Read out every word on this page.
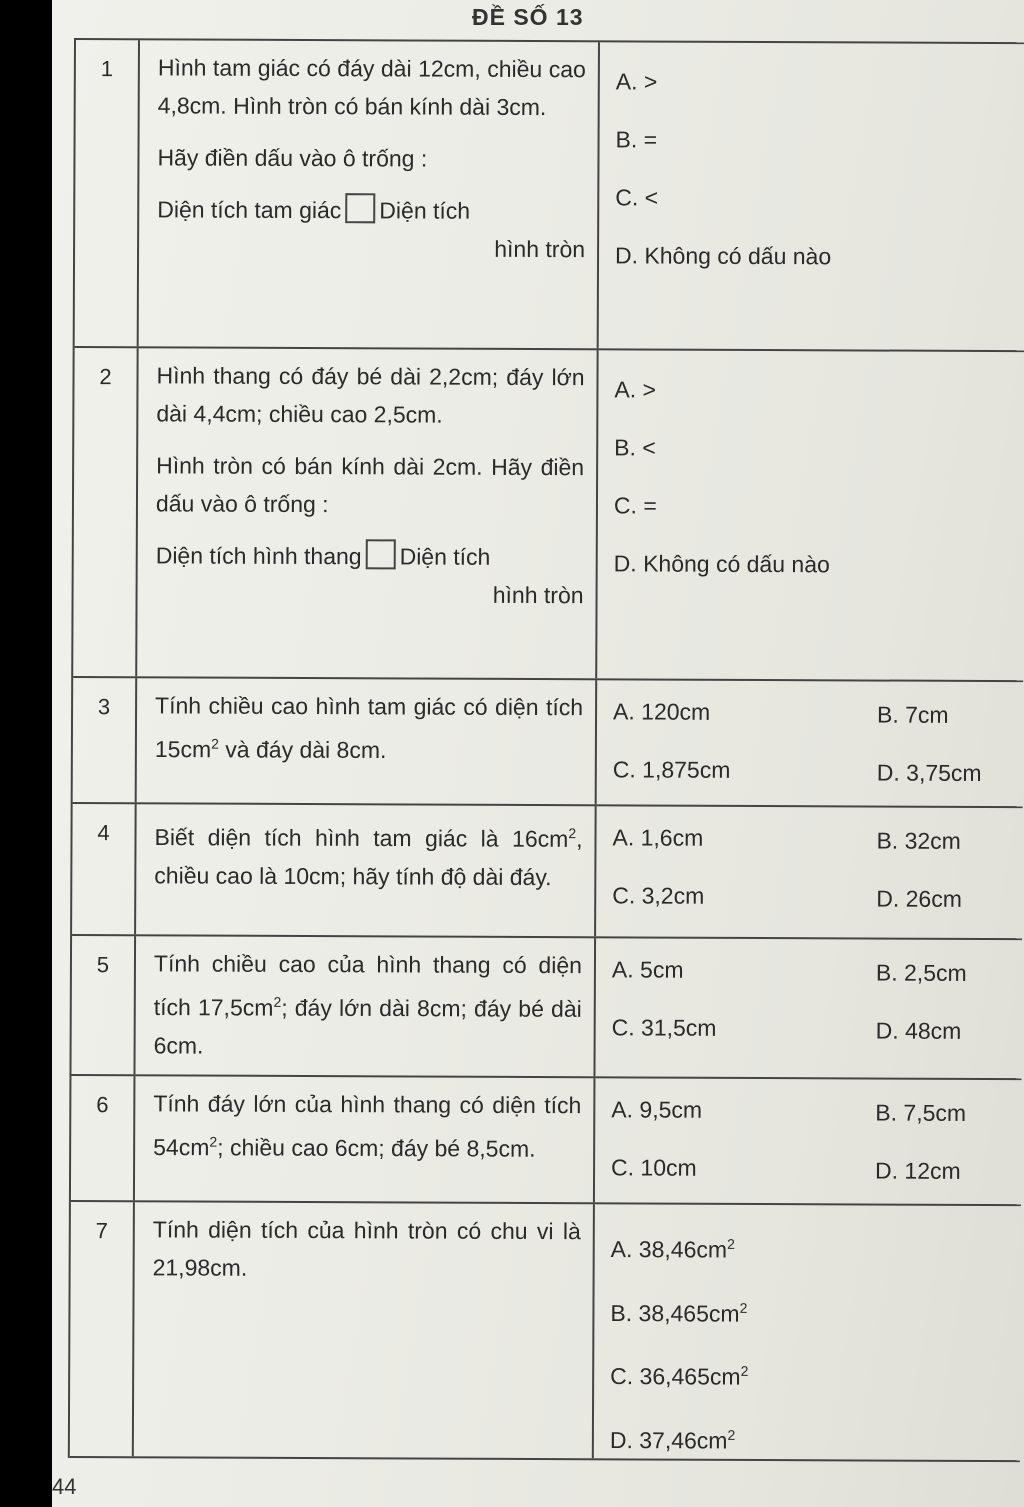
ĐỀ SỐ 13
1	Hình tam giác có đáy dài 12cm, chiều cao 4,8cm. Hình tròn có bán kính dài 3cm.

Hãy điền dấu vào ô trống :

Diện tích tam giác Diện tích

hình tròn

A. >
B. =
C. <
D. Không có dấu nào
2	Hình thang có đáy bé dài 2,2cm; đáy lớn dài 4,4cm; chiều cao 2,5cm.

Hình tròn có bán kính dài 2cm. Hãy điền dấu vào ô trống :

Diện tích hình thang Diện tích

hình tròn

A. >
B. <
C. =
D. Không có dấu nào
3	Tính chiều cao hình tam giác có diện tích $15cm^2$ và đáy dài 8cm.

A. 120cm	B. 7cm
C. 1,875cm	D. 3,75cm
4	Biết diện tích hình tam giác là $16cm^2$, chiều cao là 10cm; hãy tính độ dài đáy.

A. 1,6cm	B. 32cm
C. 3,2cm	D. 26cm
5	Tính chiều cao của hình thang có diện tích $17,5cm^2$; đáy lớn dài 8cm; đáy bé dài 6cm.

A. 5cm	B. 2,5cm
C. 31,5cm	D. 48cm
6	Tính đáy lớn của hình thang có diện tích $54cm^2$; chiều cao 6cm; đáy bé 8,5cm.

A. 9,5cm	B. 7,5cm
C. 10cm	D. 12cm
7	Tính diện tích của hình tròn có chu vi là 21,98cm.

A. $38,46cm^2$
B. $38,465cm^2$
C. $36,465cm^2$
D. $37,46cm^2$
44
